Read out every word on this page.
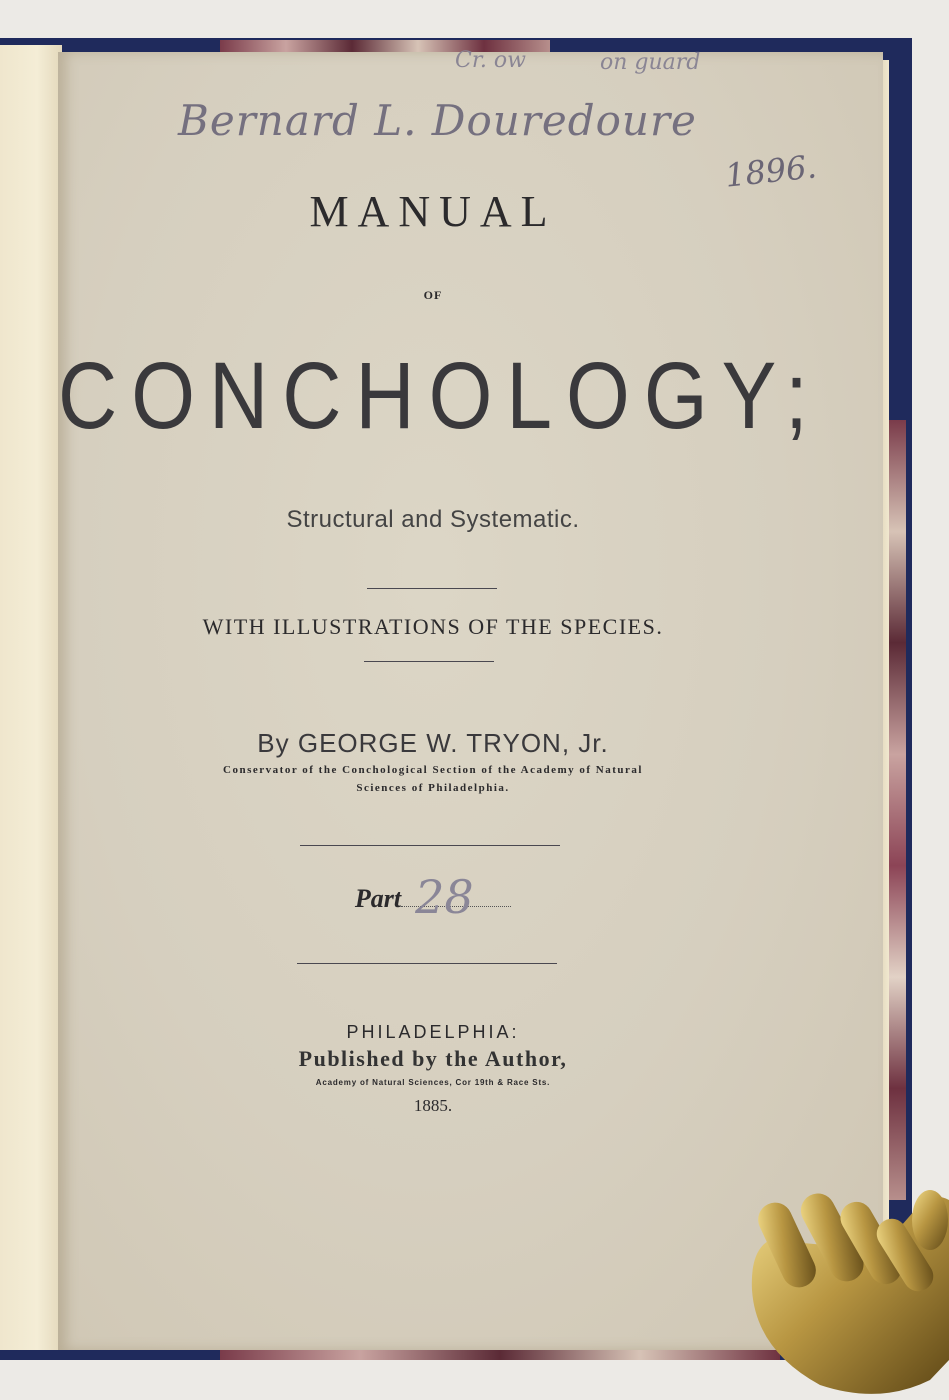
Cr. ow	on guard
Bernard L. Douredoure
1896.
MANUAL
OF
CONCHOLOGY;
Structural and Systematic.
WITH ILLUSTRATIONS OF THE SPECIES.
By GEORGE W. TRYON, Jr.
Conservator of the Conchological Section of the Academy of Natural
Sciences of Philadelphia.
Part 28
PHILADELPHIA:
Published by the Author,
Academy of Natural Sciences, Cor 19th & Race Sts.
1885.
